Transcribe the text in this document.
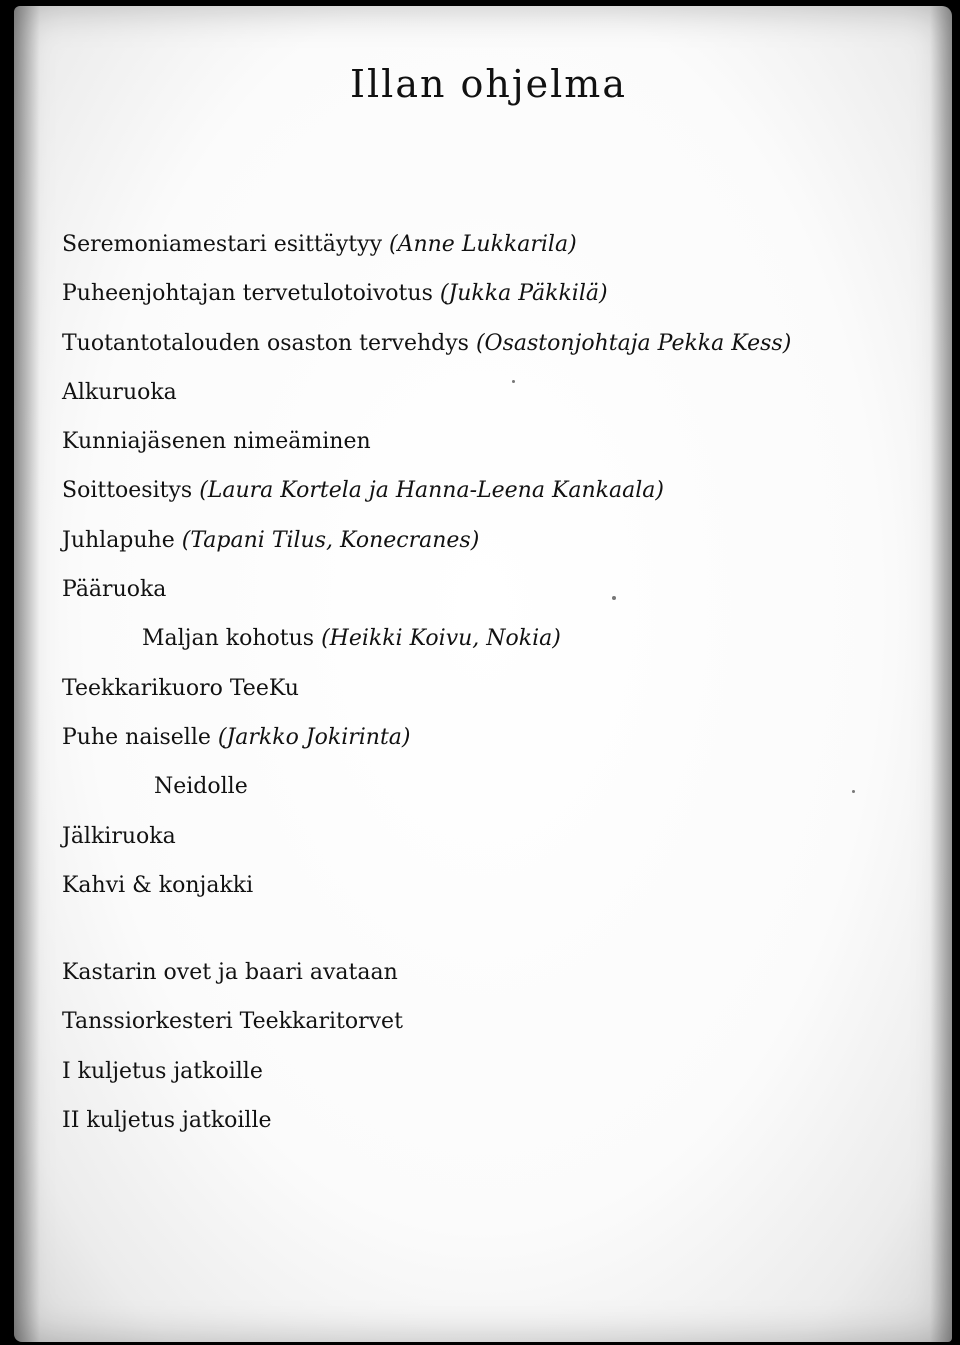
Illan ohjelma
Seremoniamestari esittäytyy (Anne Lukkarila)
Puheenjohtajan tervetulotoivotus (Jukka Päkkilä)
Tuotantotalouden osaston tervehdys (Osastonjohtaja Pekka Kess)
Alkuruoka
Kunniajäsenen nimeäminen
Soittoesitys (Laura Kortela ja Hanna-Leena Kankaala)
Juhlapuhe (Tapani Tilus, Konecranes)
Pääruoka
Maljan kohotus (Heikki Koivu, Nokia)
Teekkarikuoro TeeKu
Puhe naiselle (Jarkko Jokirinta)
Neidolle
Jälkiruoka
Kahvi & konjakki
Kastarin ovet ja baari avataan
Tanssiorkesteri Teekkaritorvet
I kuljetus jatkoille
II kuljetus jatkoille
